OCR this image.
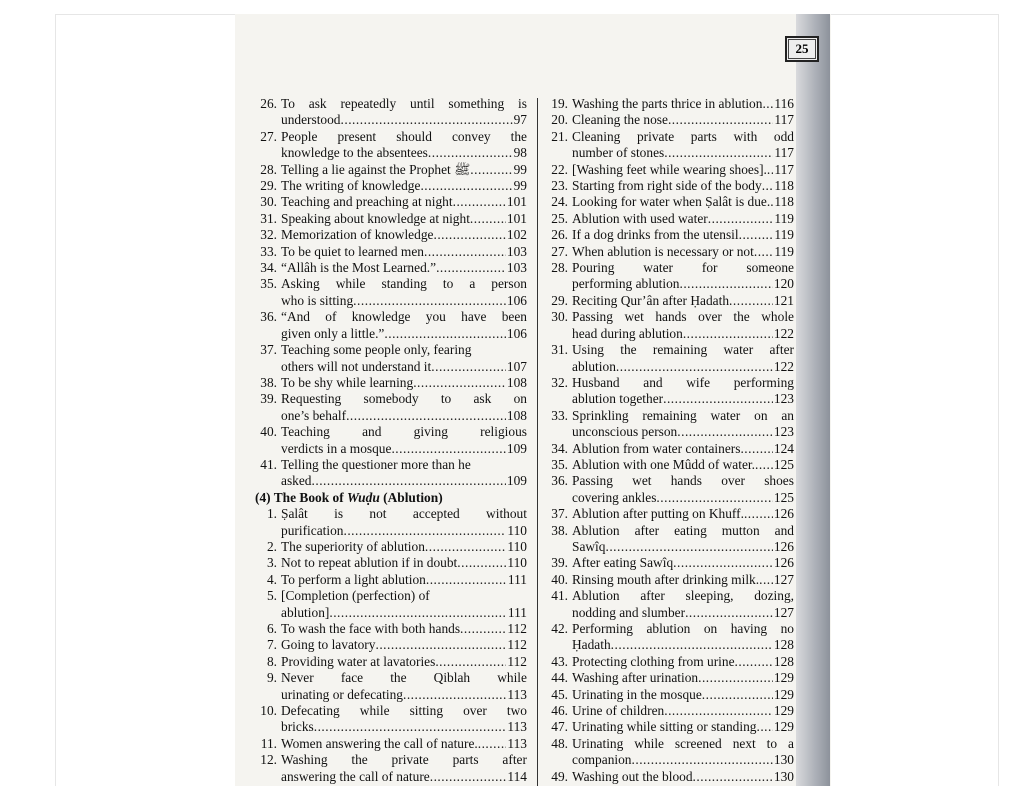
25
26. To ask repeatedly until something is
understood .....	97
27. People present should convey the
knowledge to the absentees .....	98
28. Telling a lie against the Prophet ﷺ .....	99
29. The writing of knowledge .....	99
30. Teaching and preaching at night .....	101
31. Speaking about knowledge at night .....	101
32. Memorization of knowledge .....	102
33. To be quiet to learned men .....	103
34. “Allâh is the Most Learned.” .....	103
35. Asking while standing to a person
who is sitting .....	106
36. “And of knowledge you have been
given only a little.” .....	106
37. Teaching some people only, fearing
others will not understand it .....	107
38. To be shy while learning .....	108
39. Requesting somebody to ask on
one’s behalf .....	108
40. Teaching and giving religious
verdicts in a mosque .....	109
41. Telling the questioner more than he
asked .....	109
(4) The Book of Wuḍu (Ablution)
1. Ṣalât is not accepted without
purification .....	110
2. The superiority of ablution .....	110
3. Not to repeat ablution if in doubt .....	110
4. To perform a light ablution .....	111
5. [Completion (perfection) of
ablution] .....	111
6. To wash the face with both hands .....	112
7. Going to lavatory .....	112
8. Providing water at lavatories .....	112
9. Never face the Qiblah while
urinating or defecating .....	113
10. Defecating while sitting over two
bricks .....	113
11. Women answering the call of nature. ..... 113
12. Washing the private parts after
answering the call of nature .....	114
19. Washing the parts thrice in ablution ..... 116
20. Cleaning the nose .....	117
21. Cleaning private parts with odd
number of stones .....	117
22. [Washing feet while wearing shoes]. ..... 117
23. Starting from right side of the body ..... 118
24. Looking for water when Ṣalât is due. ..... 118
25. Ablution with used water .....	119
26. If a dog drinks from the utensil .....	119
27. When ablution is necessary or not ..... 119
28. Pouring water for someone
performing ablution .....	120
29. Reciting Qur’ân after Ḥadath .....	121
30. Passing wet hands over the whole
head during ablution .....	122
31. Using the remaining water after
ablution .....	122
32. Husband and wife performing
ablution together .....	123
33. Sprinkling remaining water on an
unconscious person .....	123
34. Ablution from water containers ..... 124
35. Ablution with one Mûdd of water. ..... 125
36. Passing wet hands over shoes
covering ankles .....	125
37. Ablution after putting on Khuff. ..... 126
38. Ablution after eating mutton and
Sawîq .....	126
39. After eating Sawîq .....	126
40. Rinsing mouth after drinking milk. ..... 127
41. Ablution after sleeping, dozing,
nodding and slumber .....	127
42. Performing ablution on having no
Ḥadath .....	128
43. Protecting clothing from urine .....	128
44. Washing after urination .....	129
45. Urinating in the mosque .....	129
46. Urine of children .....	129
47. Urinating while sitting or standing ..... 129
48. Urinating while screened next to a
companion .....	130
49. Washing out the blood .....	130
